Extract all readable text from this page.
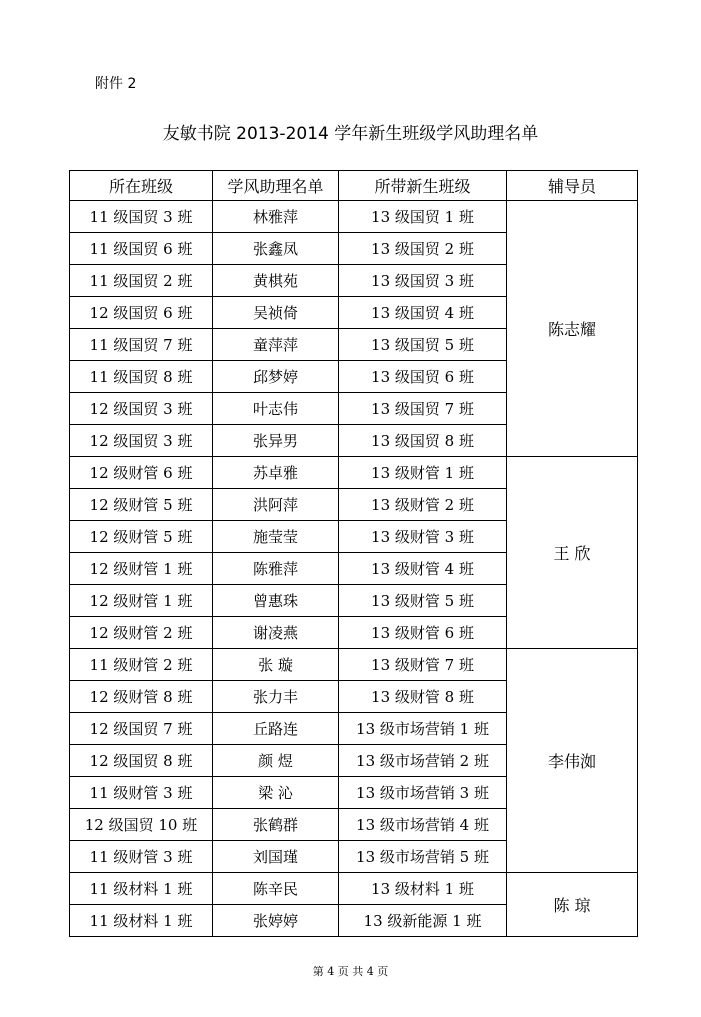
附件 2
友敏书院 2013-2014 学年新生班级学风助理名单
所在班级	学风助理名单	所带新生班级	辅导员
11 级国贸 3 班	林雅萍	13 级国贸 1 班	陈志耀
11 级国贸 6 班	张鑫凤	13 级国贸 2 班	
11 级国贸 2 班	黄棋苑	13 级国贸 3 班	
12 级国贸 6 班	吴祯倚	13 级国贸 4 班	
11 级国贸 7 班	童萍萍	13 级国贸 5 班	
11 级国贸 8 班	邱梦婷	13 级国贸 6 班	
12 级国贸 3 班	叶志伟	13 级国贸 7 班	
12 级国贸 3 班	张异男	13 级国贸 8 班	
12 级财管 6 班	苏卓雅	13 级财管 1 班	王 欣
12 级财管 5 班	洪阿萍	13 级财管 2 班	
12 级财管 5 班	施莹莹	13 级财管 3 班	
12 级财管 1 班	陈雅萍	13 级财管 4 班	
12 级财管 1 班	曾惠珠	13 级财管 5 班	
12 级财管 2 班	谢凌燕	13 级财管 6 班	
11 级财管 2 班	张 璇	13 级财管 7 班	李伟洳
12 级财管 8 班	张力丰	13 级财管 8 班	
12 级国贸 7 班	丘路连	13 级市场营销 1 班	
12 级国贸 8 班	颜 煜	13 级市场营销 2 班	
11 级财管 3 班	梁 沁	13 级市场营销 3 班	
12 级国贸 10 班	张鹤群	13 级市场营销 4 班	
11 级财管 3 班	刘国瑾	13 级市场营销 5 班	
11 级材料 1 班	陈辛民	13 级材料 1 班	陈 琼
11 级材料 1 班	张婷婷	13 级新能源 1 班	
第 4 页 共 4 页
